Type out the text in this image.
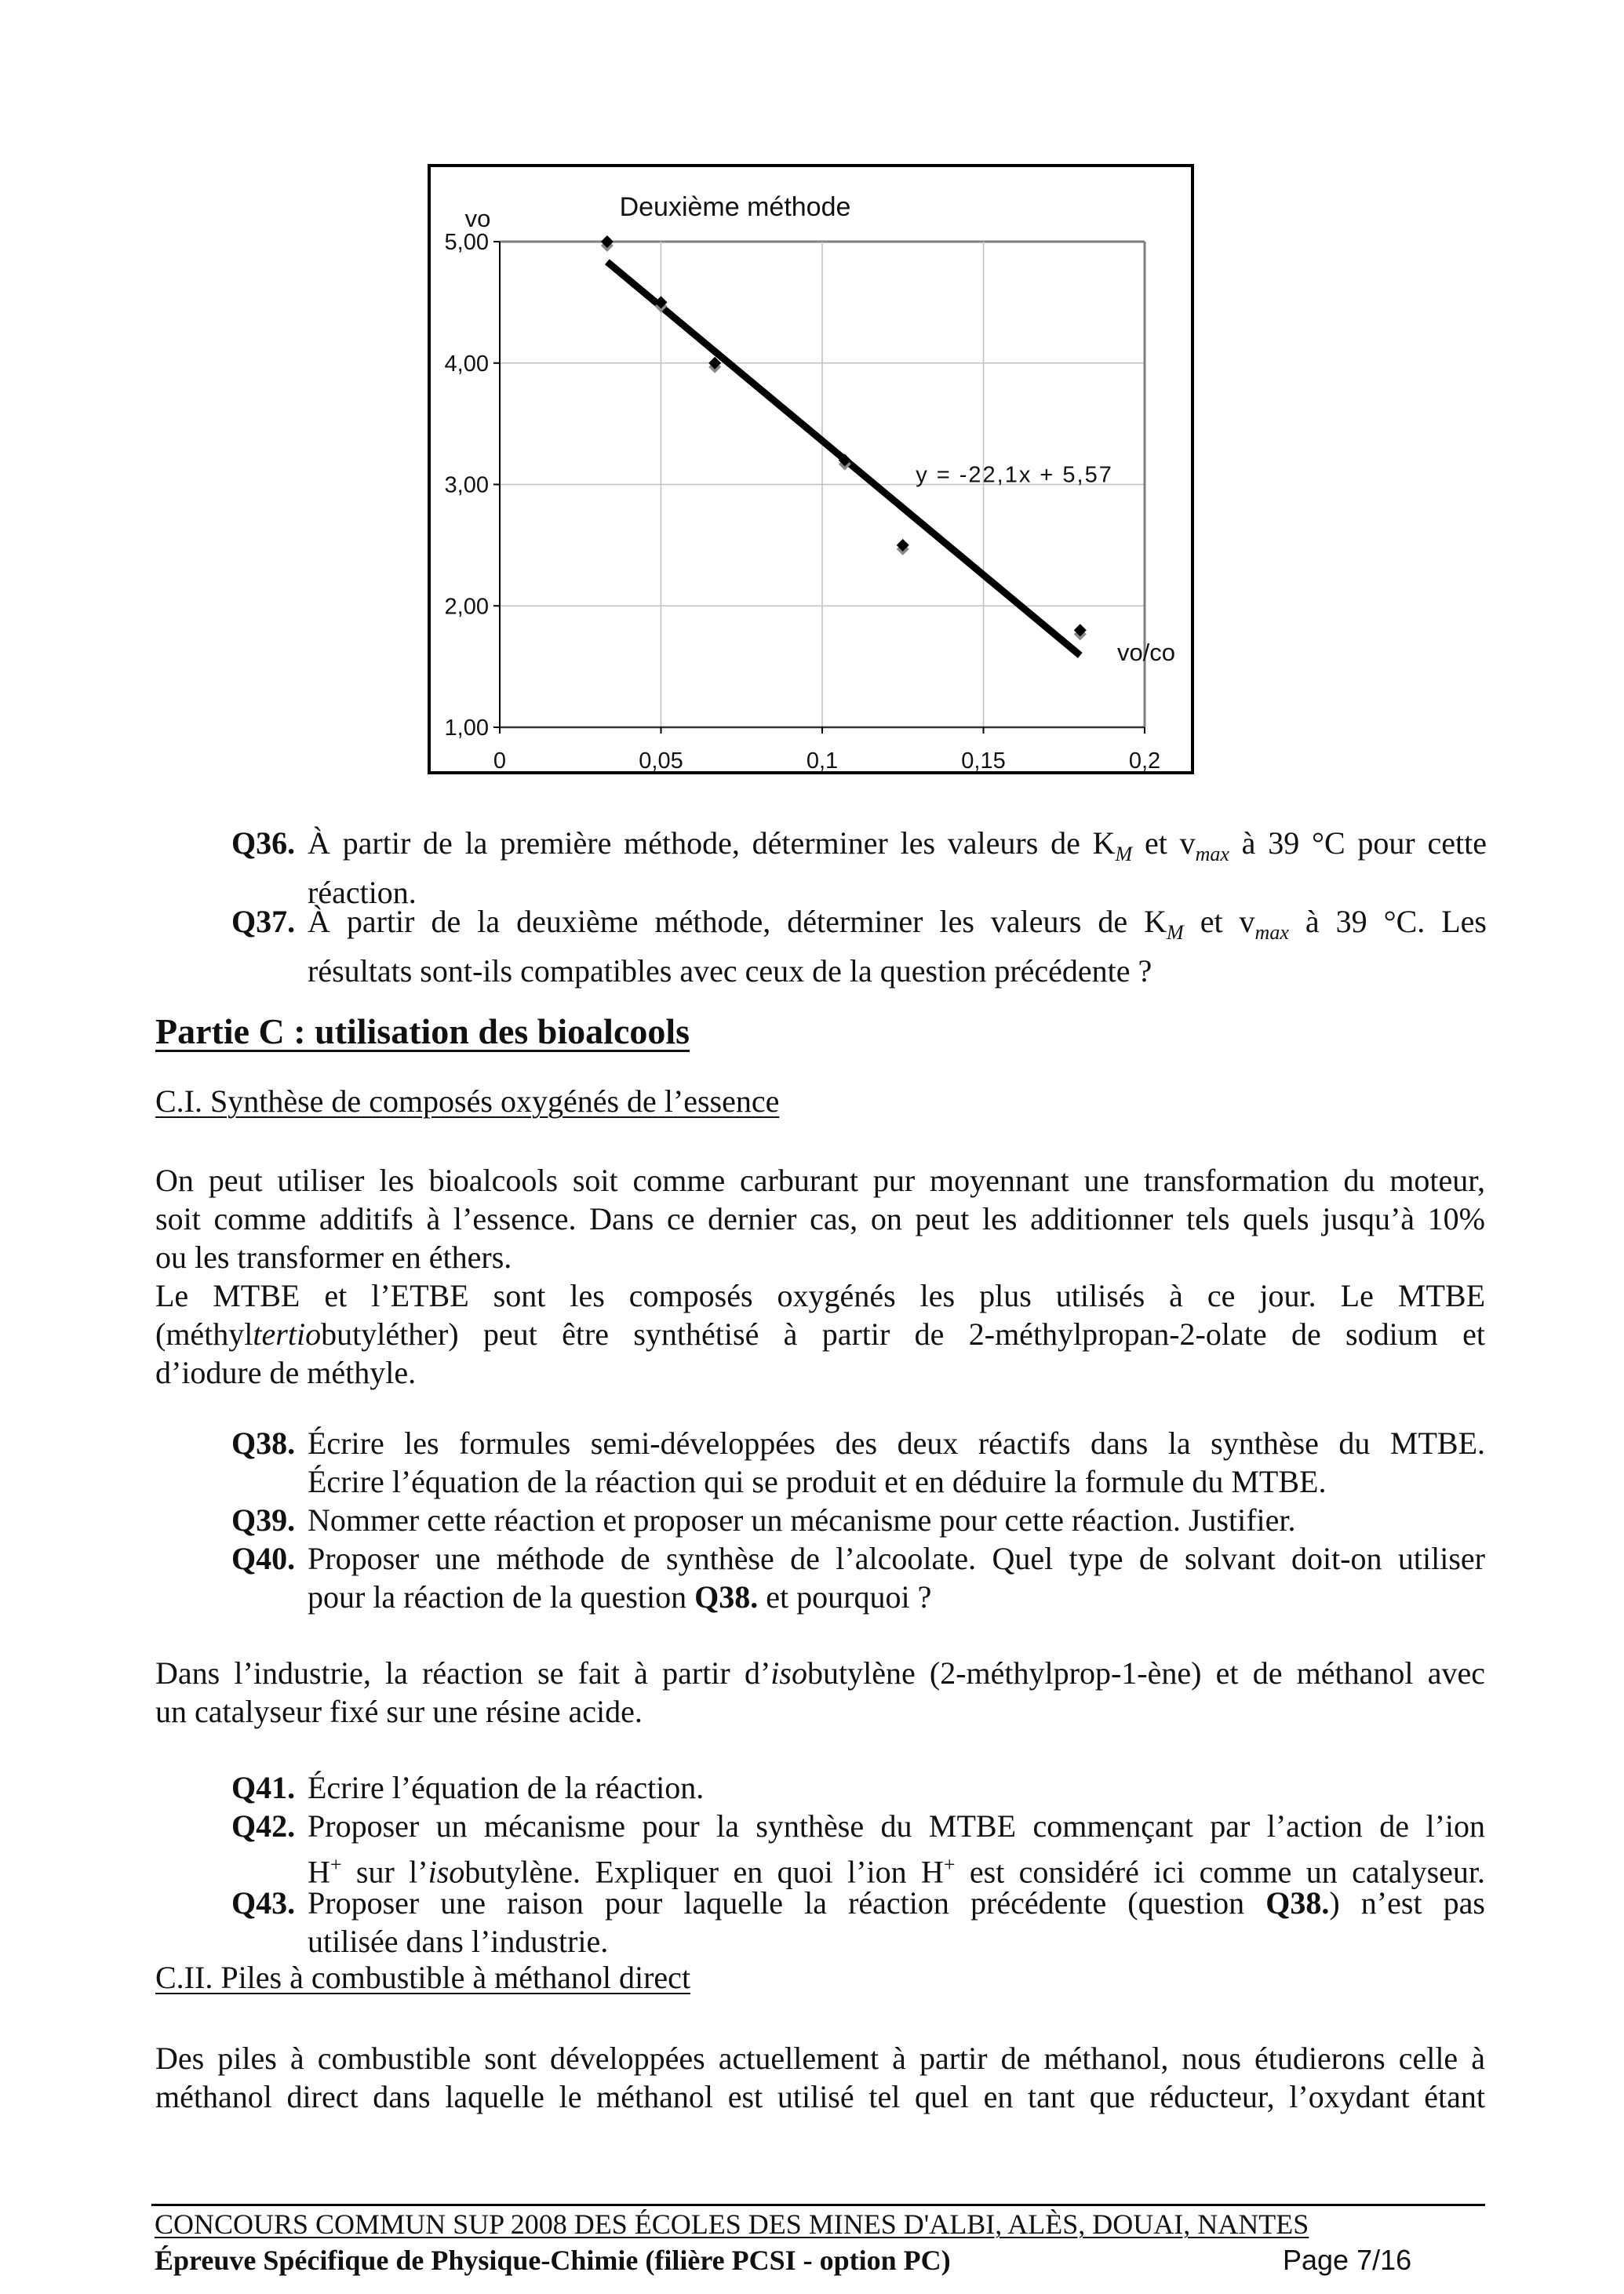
1,00
2,00
3,00
4,00
5,00
0	0,05	0,1	0,15	0,2
Deuxième méthode
vo
vo/co
y = -22,1x + 5,57
Q36. À partir de la première méthode, déterminer les valeurs de $K_M$ et $v_{max}$ à 39 °C pour cette
réaction.
Q37. À partir de la deuxième méthode, déterminer les valeurs de $K_M$ et $v_{max}$ à 39 °C. Les
résultats sont-ils compatibles avec ceux de la question précédente ?
Partie C : utilisation des bioalcools
C.I. Synthèse de composés oxygénés de l’essence
On peut utiliser les bioalcools soit comme carburant pur moyennant une transformation du moteur,
soit comme additifs à l’essence. Dans ce dernier cas, on peut les additionner tels quels jusqu’à 10%
ou les transformer en éthers.
Le MTBE et l’ETBE sont les composés oxygénés les plus utilisés à ce jour. Le MTBE
(méthyltertiobutyléther) peut être synthétisé à partir de 2-méthylpropan-2-olate de sodium et
d’iodure de méthyle.
Q38. Écrire les formules semi-développées des deux réactifs dans la synthèse du MTBE.
Écrire l’équation de la réaction qui se produit et en déduire la formule du MTBE.
Q39. Nommer cette réaction et proposer un mécanisme pour cette réaction. Justifier.
Q40. Proposer une méthode de synthèse de l’alcoolate. Quel type de solvant doit-on utiliser
pour la réaction de la question Q38. et pourquoi ?
Dans l’industrie, la réaction se fait à partir d’isobutylène (2-méthylprop-1-ène) et de méthanol avec
un catalyseur fixé sur une résine acide.
Q41. Écrire l’équation de la réaction.
Q42. Proposer un mécanisme pour la synthèse du MTBE commençant par l’action de l’ion
H+ sur l’isobutylène. Expliquer en quoi l’ion H+ est considéré ici comme un catalyseur.
Q43. Proposer une raison pour laquelle la réaction précédente (question Q38.) n’est pas
utilisée dans l’industrie.
C.II. Piles à combustible à méthanol direct
Des piles à combustible sont développées actuellement à partir de méthanol, nous étudierons celle à
méthanol direct dans laquelle le méthanol est utilisé tel quel en tant que réducteur, l’oxydant étant
CONCOURS COMMUN SUP 2008 DES ÉCOLES DES MINES D'ALBI, ALÈS, DOUAI, NANTES
Épreuve Spécifique de Physique-Chimie (filière PCSI - option PC)	Page 7/16
